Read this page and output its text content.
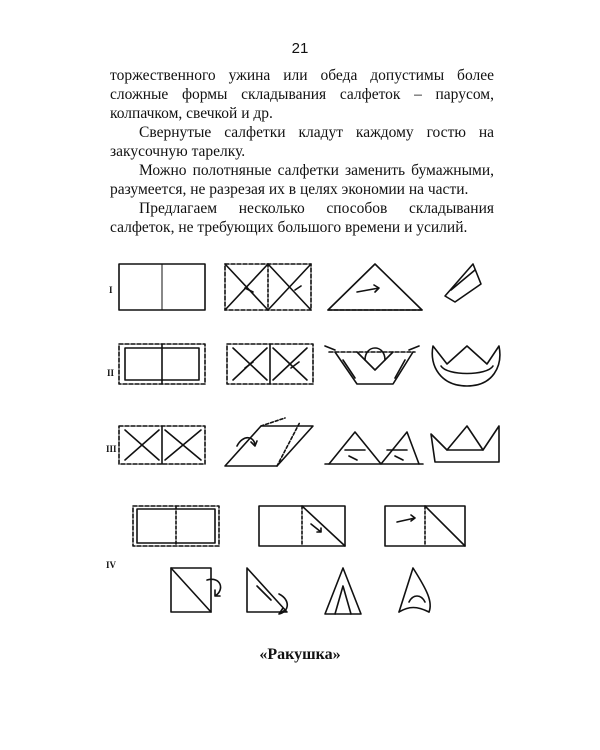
21

торжественного ужина или обеда допустимы более сложные формы складывания салфеток – парусом, колпачком, свечкой и др.

Свернутые салфетки кладут каждому гостю на закусочную тарелку.

Можно полотняные салфетки заменить бумажными, разумеется, не разрезая их в целях экономии на части.

Предлагаем несколько способов складывания салфеток, не требующих большого времени и усилий.

I
II
III
IV
«Ракушка»
